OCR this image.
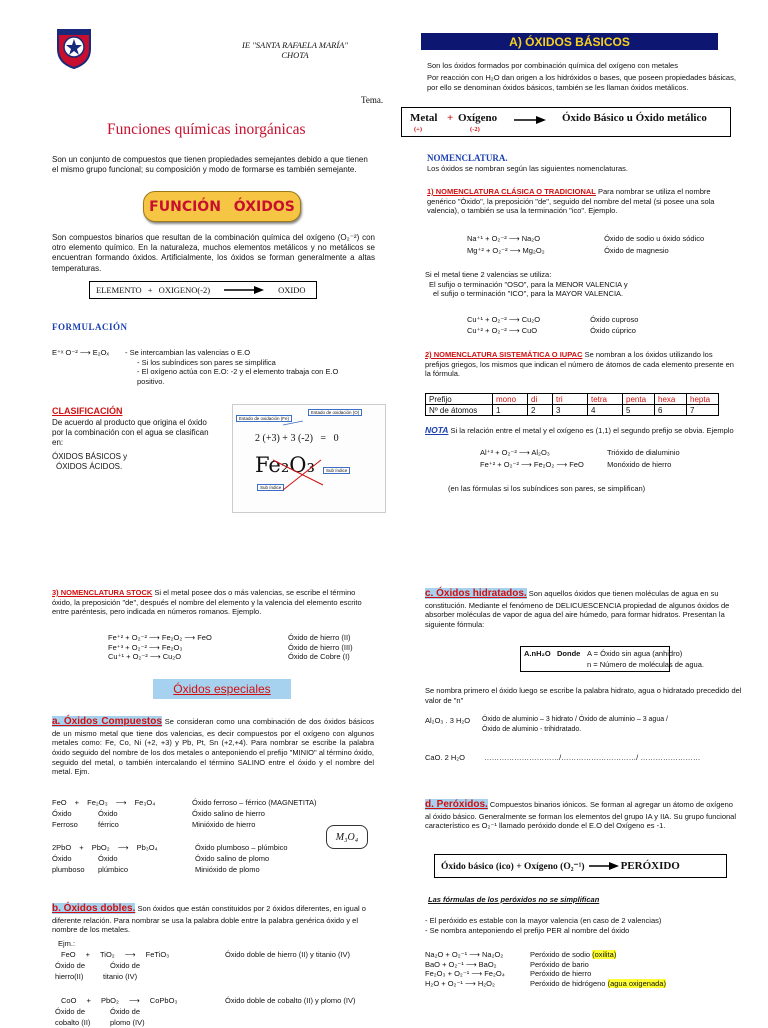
IE "SANTA RAFAELA MARÍA"
CHOTA
Tema.
Funciones químicas inorgánicas

Son un conjunto de compuestos que tienen propiedades semejantes debido a que tienen el mismo grupo funcional; su composición y modo de formarse es también semejante.

FUNCIÓN ÓXIDOS

Son compuestos binarios que resultan de la combinación química del oxígeno (O₂⁻²) con otro elemento químico. En la naturaleza, muchos elementos metálicos y no metálicos se encuentran formando óxidos. Artificialmente, los óxidos se forman generalmente a altas temperaturas.

ELEMENTO + OXIGENO(-2)	OXIDO
FORMULACIÓN
E⁺ˣ O⁻² ⟶ E₂Oₓ - Se intercambian las valencias o E.O
- Si los subíndices son pares se simplifica
- El oxígeno actúa con E.O: -2 y el elemento trabaja con E.O positivo.
CLASIFICACIÓN

De acuerdo al producto que origina el óxido por la combinación con el agua se clasifican en:

ÓXIDOS BÁSICOS y
ÓXIDOS ÁCIDOS.
Estado de oxidación (Fe)
Estado de oxidación (O)
2 (+3) + 3 (-2)   =   0
Fe₂O₃
Sub índice
Sub índice
A) ÓXIDOS BÁSICOS

Son los óxidos formados por combinación química del oxígeno con metales

Por reacción con H₂O dan origen a los hidróxidos o bases, que poseen propiedades básicas, por ello se denominan óxidos básicos, también se les llaman óxidos metálicos.

Metal + Oxígeno	Óxido Básico u Óxido metálico
(+)	(-2)
NOMENCLATURA.
Los óxidos se nombran según las siguientes nomenclaturas.
1) NOMENCLATURA CLÁSICA O TRADICIONAL Para nombrar se utiliza el nombre genérico "Óxido", la preposición "de", seguido del nombre del metal (si posee una sola valencia), o también se usa la terminación "ico". Ejemplo.
Na⁺¹ + O₂⁻² ⟶ Na₂O	Óxido de sodio u óxido sódico
Mg⁺² + O₂⁻² ⟶ Mg₂O₂	Óxido de magnesio
Si el metal tiene 2 valencias se utiliza:
El sufijo o terminación "OSO", para la MENOR VALENCIA y
el sufijo o terminación "ICO", para la MAYOR VALENCIA.
Cu⁺¹ + O₂⁻² ⟶ Cu₂O	Óxido cuproso
Cu⁺² + O₂⁻² ⟶ CuO	Óxido cúprico
2) NOMENCLATURA SISTEMÁTICA O IUPAC Se nombran a los óxidos utilizando los prefijos griegos, los mismos que indican el número de átomos de cada elemento presente en la fórmula.
Prefijo	mono	di	tri	tetra	penta	hexa	hepta
Nº de átomos	1	2	3	4	5	6	7
NOTA Si la relación entre el metal y el oxígeno es (1,1) el segundo prefijo se obvia. Ejemplo
Al⁺³ + O₂⁻² ⟶ Al₂O₃	Trióxido de dialuminio
Fe⁺² + O₂⁻² ⟶ Fe₂O₂ ⟶ FeO	Monóxido de hierro
(en las fórmulas si los subíndices son pares, se simplifican)
3) NOMENCLATURA STOCK Si el metal posee dos o más valencias, se escribe el término óxido, la preposición "de", después el nombre del elemento y la valencia del elemento escrito entre paréntesis, pero indicada en números romanos. Ejemplo.
Fe⁺² + O₂⁻² ⟶ Fe₂O₂ ⟶ FeO	Óxido de hierro (II)
Fe⁺³ + O₂⁻² ⟶ Fe₂O₃	Óxido de hierro (III)
Cu⁺¹ + O₂⁻² ⟶ Cu₂O	Óxido de Cobre (I)
Óxidos especiales
a. Óxidos Compuestos Se consideran como una combinación de dos óxidos básicos de un mismo metal que tiene dos valencias, es decir compuestos por el oxígeno con algunos metales como: Fe, Co, Ni (+2, +3) y Pb, Pt, Sn (+2,+4). Para nombrar se escribe la palabra óxido seguido del nombre de los dos metales o anteponiendo el prefijo "MINIO" al término óxido, seguido del metal, o también intercalando el término SALINO entre el óxido y el nombre del metal. Ejm.
FeO + Fe₂O₃ ⟶ Fe₃O₄	Óxido ferroso – férrico (MAGNETITA)
Óxido	Óxido	Óxido salino de hierro
Ferroso	férrico	Minióxido de hierro
2PbO + PbO₂ ⟶ Pb₃O₄	Óxido plumboso – plúmbico
Óxido	Óxido	Óxido salino de plomo
plumboso plúmbico	Minióxido de plomo
M₃O₄
b. Óxidos dobles. Son óxidos que están constituidos por 2 óxidos diferentes, en igual o diferente relación. Para nombrar se usa la palabra doble entre la palabra genérica óxido y el nombre de los metales.
Ejm.:
FeO + TiO₂ ⟶ FeTiO₃	Óxido doble de hierro (II) y titanio (IV)
Óxido de	Óxido de
hierro(II)	titanio (IV)
CoO + PbO₂ ⟶ CoPbO₃	Óxido doble de cobalto (II) y plomo (IV)
Óxido de	Óxido de
cobalto (II)	plomo (IV)
c. Óxidos hidratados. Son aquellos óxidos que tienen moléculas de agua en su constitución. Mediante el fenómeno de DELICUESCENCIA propiedad de algunos óxidos de absorber moléculas de vapor de agua del aire húmedo, para formar hidratos. Presentan la siguiente fórmula:
A.nH₂O Donde A = Óxido sin agua (anhidro)
n = Número de moléculas de agua.

Se nombra primero el óxido luego se escribe la palabra hidrato, agua o hidratado precedido del valor de "n"

Al₂O₃ . 3 H₂O Óxido de aluminio – 3 hidrato / Óxido de aluminio – 3 agua /
Óxido de aluminio - trihidratado.
CaO. 2 H₂O	…………………………/…………………………/ ……………………
d. Peróxidos. Compuestos binarios iónicos. Se forman al agregar un átomo de oxígeno al óxido básico. Generalmente se forman los elementos del grupo IA y IIA. Su grupo funcional característico es O₂⁻¹ llamado peróxido donde el E.O del Oxígeno es -1.
Óxido básico (ico) + Oxígeno (O₂⁻¹)	PERÓXIDO
Las fórmulas de los peróxidos no se simplifican
- El peróxido es estable con la mayor valencia (en caso de 2 valencias)
- Se nombra anteponiendo el prefijo PER al nombre del óxido
Na₂O + O₂⁻¹ ⟶ Na₂O₂	Peróxido de sodio (oxilita)
BaO + O₂⁻¹ ⟶ BaO₂	Peróxido de bario
Fe₂O₃ + O₂⁻¹ ⟶ Fe₂O₄	Peróxido de hierro
H₂O + O₂⁻¹ ⟶ H₂O₂	Peróxido de hidrógeno (agua oxigenada)
